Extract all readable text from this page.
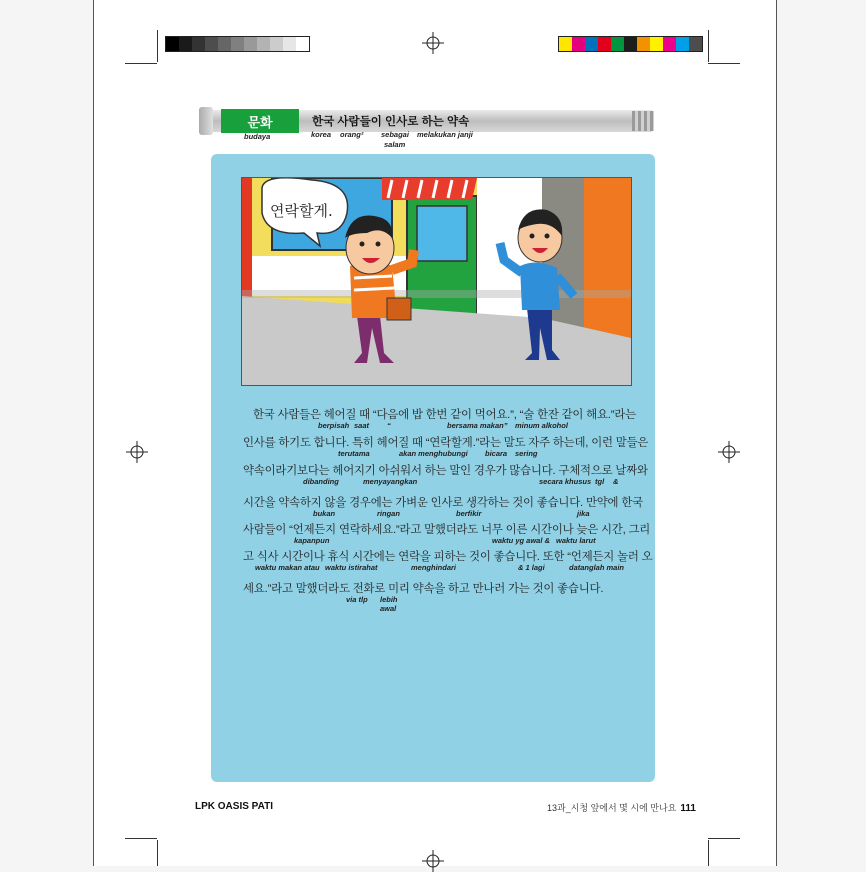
문화	한국 사람들이 인사로 하는 약속
budaya	korea orang² sebagai melakukan janji
salam
연락할게.
한국 사람들은 헤어질 때 “다음에 밥 한번 같이 먹어요.”, “술 한잔 같이 해요.”라는
berpisah saat “	bersama makan” minum alkohol
인사를 하기도 합니다. 특히 헤어질 때 “연락할게.”라는 말도 자주 하는데, 이런 말들은
terutama	akan menghubungi bicara sering
약속이라기보다는 헤어지기 아쉬워서 하는 말인 경우가 많습니다. 구체적으로 날짜와
dibanding	menyayangkan	secara khusus tgl &
시간을 약속하지 않을 경우에는 가벼운 인사로 생각하는 것이 좋습니다. 만약에 한국
bukan	ringan	berfikir	jika
사람들이 “언제든지 연락하세요.”라고 말했더라도 너무 이른 시간이나 늦은 시간, 그리
kapanpun	waktu yg awal & waktu larut
고 식사 시간이나 휴식 시간에는 연락을 피하는 것이 좋습니다. 또한 “언제든지 놀러 오
waktu makan atau waktu istirahat	menghindari	& 1 lagi	datanglah main
세요.”라고 말했더라도 전화로 미리 약속을 하고 만나러 가는 것이 좋습니다.
via tlp lebih
awal
LPK OASIS PATI	13과_시청 앞에서 몇 시에 만나요 111
